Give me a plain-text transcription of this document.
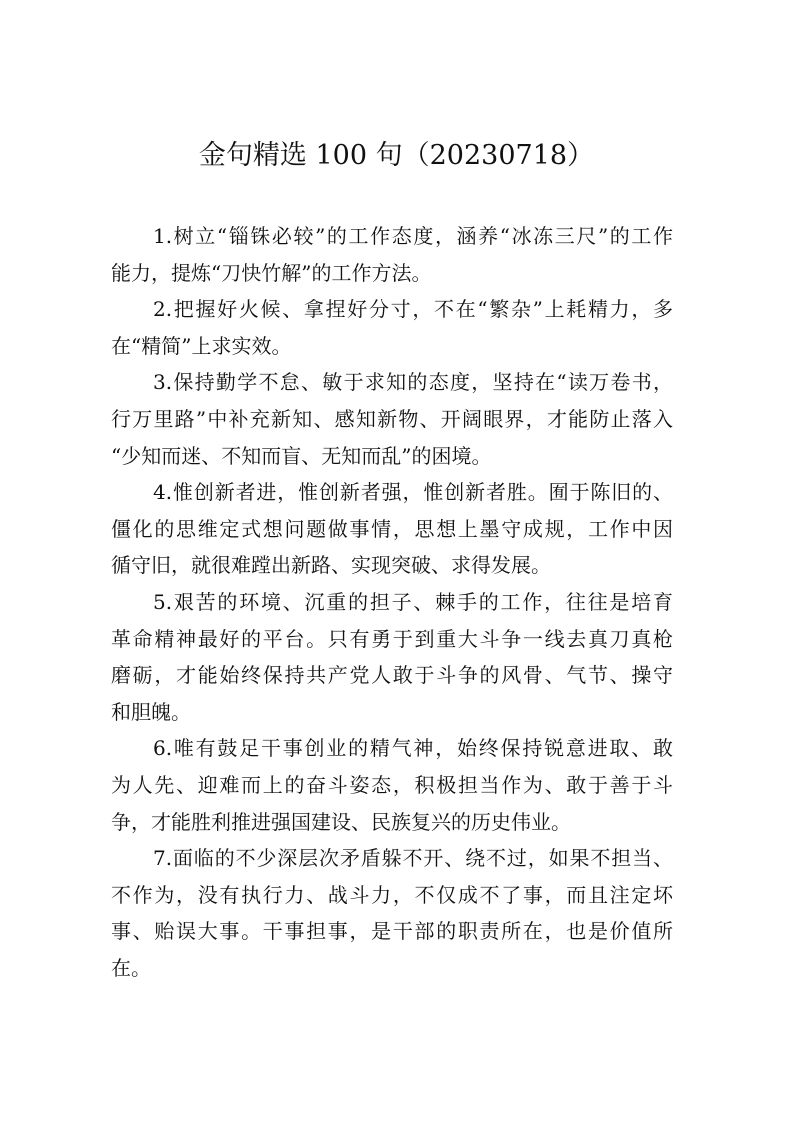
金句精选 100 句（20230718）
1.树立“锱铢必较”的工作态度，涵养“冰冻三尺”的工作
能力，提炼“刀快竹解”的工作方法。
2.把握好火候、拿捏好分寸，不在“繁杂”上耗精力，多
在“精简”上求实效。
3.保持勤学不怠、敏于求知的态度，坚持在“读万卷书，
行万里路”中补充新知、感知新物、开阔眼界，才能防止落入
“少知而迷、不知而盲、无知而乱”的困境。
4.惟创新者进，惟创新者强，惟创新者胜。囿于陈旧的、
僵化的思维定式想问题做事情，思想上墨守成规，工作中因
循守旧，就很难蹚出新路、实现突破、求得发展。
5.艰苦的环境、沉重的担子、棘手的工作，往往是培育
革命精神最好的平台。只有勇于到重大斗争一线去真刀真枪
磨砺，才能始终保持共产党人敢于斗争的风骨、气节、操守
和胆魄。
6.唯有鼓足干事创业的精气神，始终保持锐意进取、敢
为人先、迎难而上的奋斗姿态，积极担当作为、敢于善于斗
争，才能胜利推进强国建设、民族复兴的历史伟业。
7.面临的不少深层次矛盾躲不开、绕不过，如果不担当、
不作为，没有执行力、战斗力，不仅成不了事，而且注定坏
事、贻误大事。干事担事，是干部的职责所在，也是价值所
在。
